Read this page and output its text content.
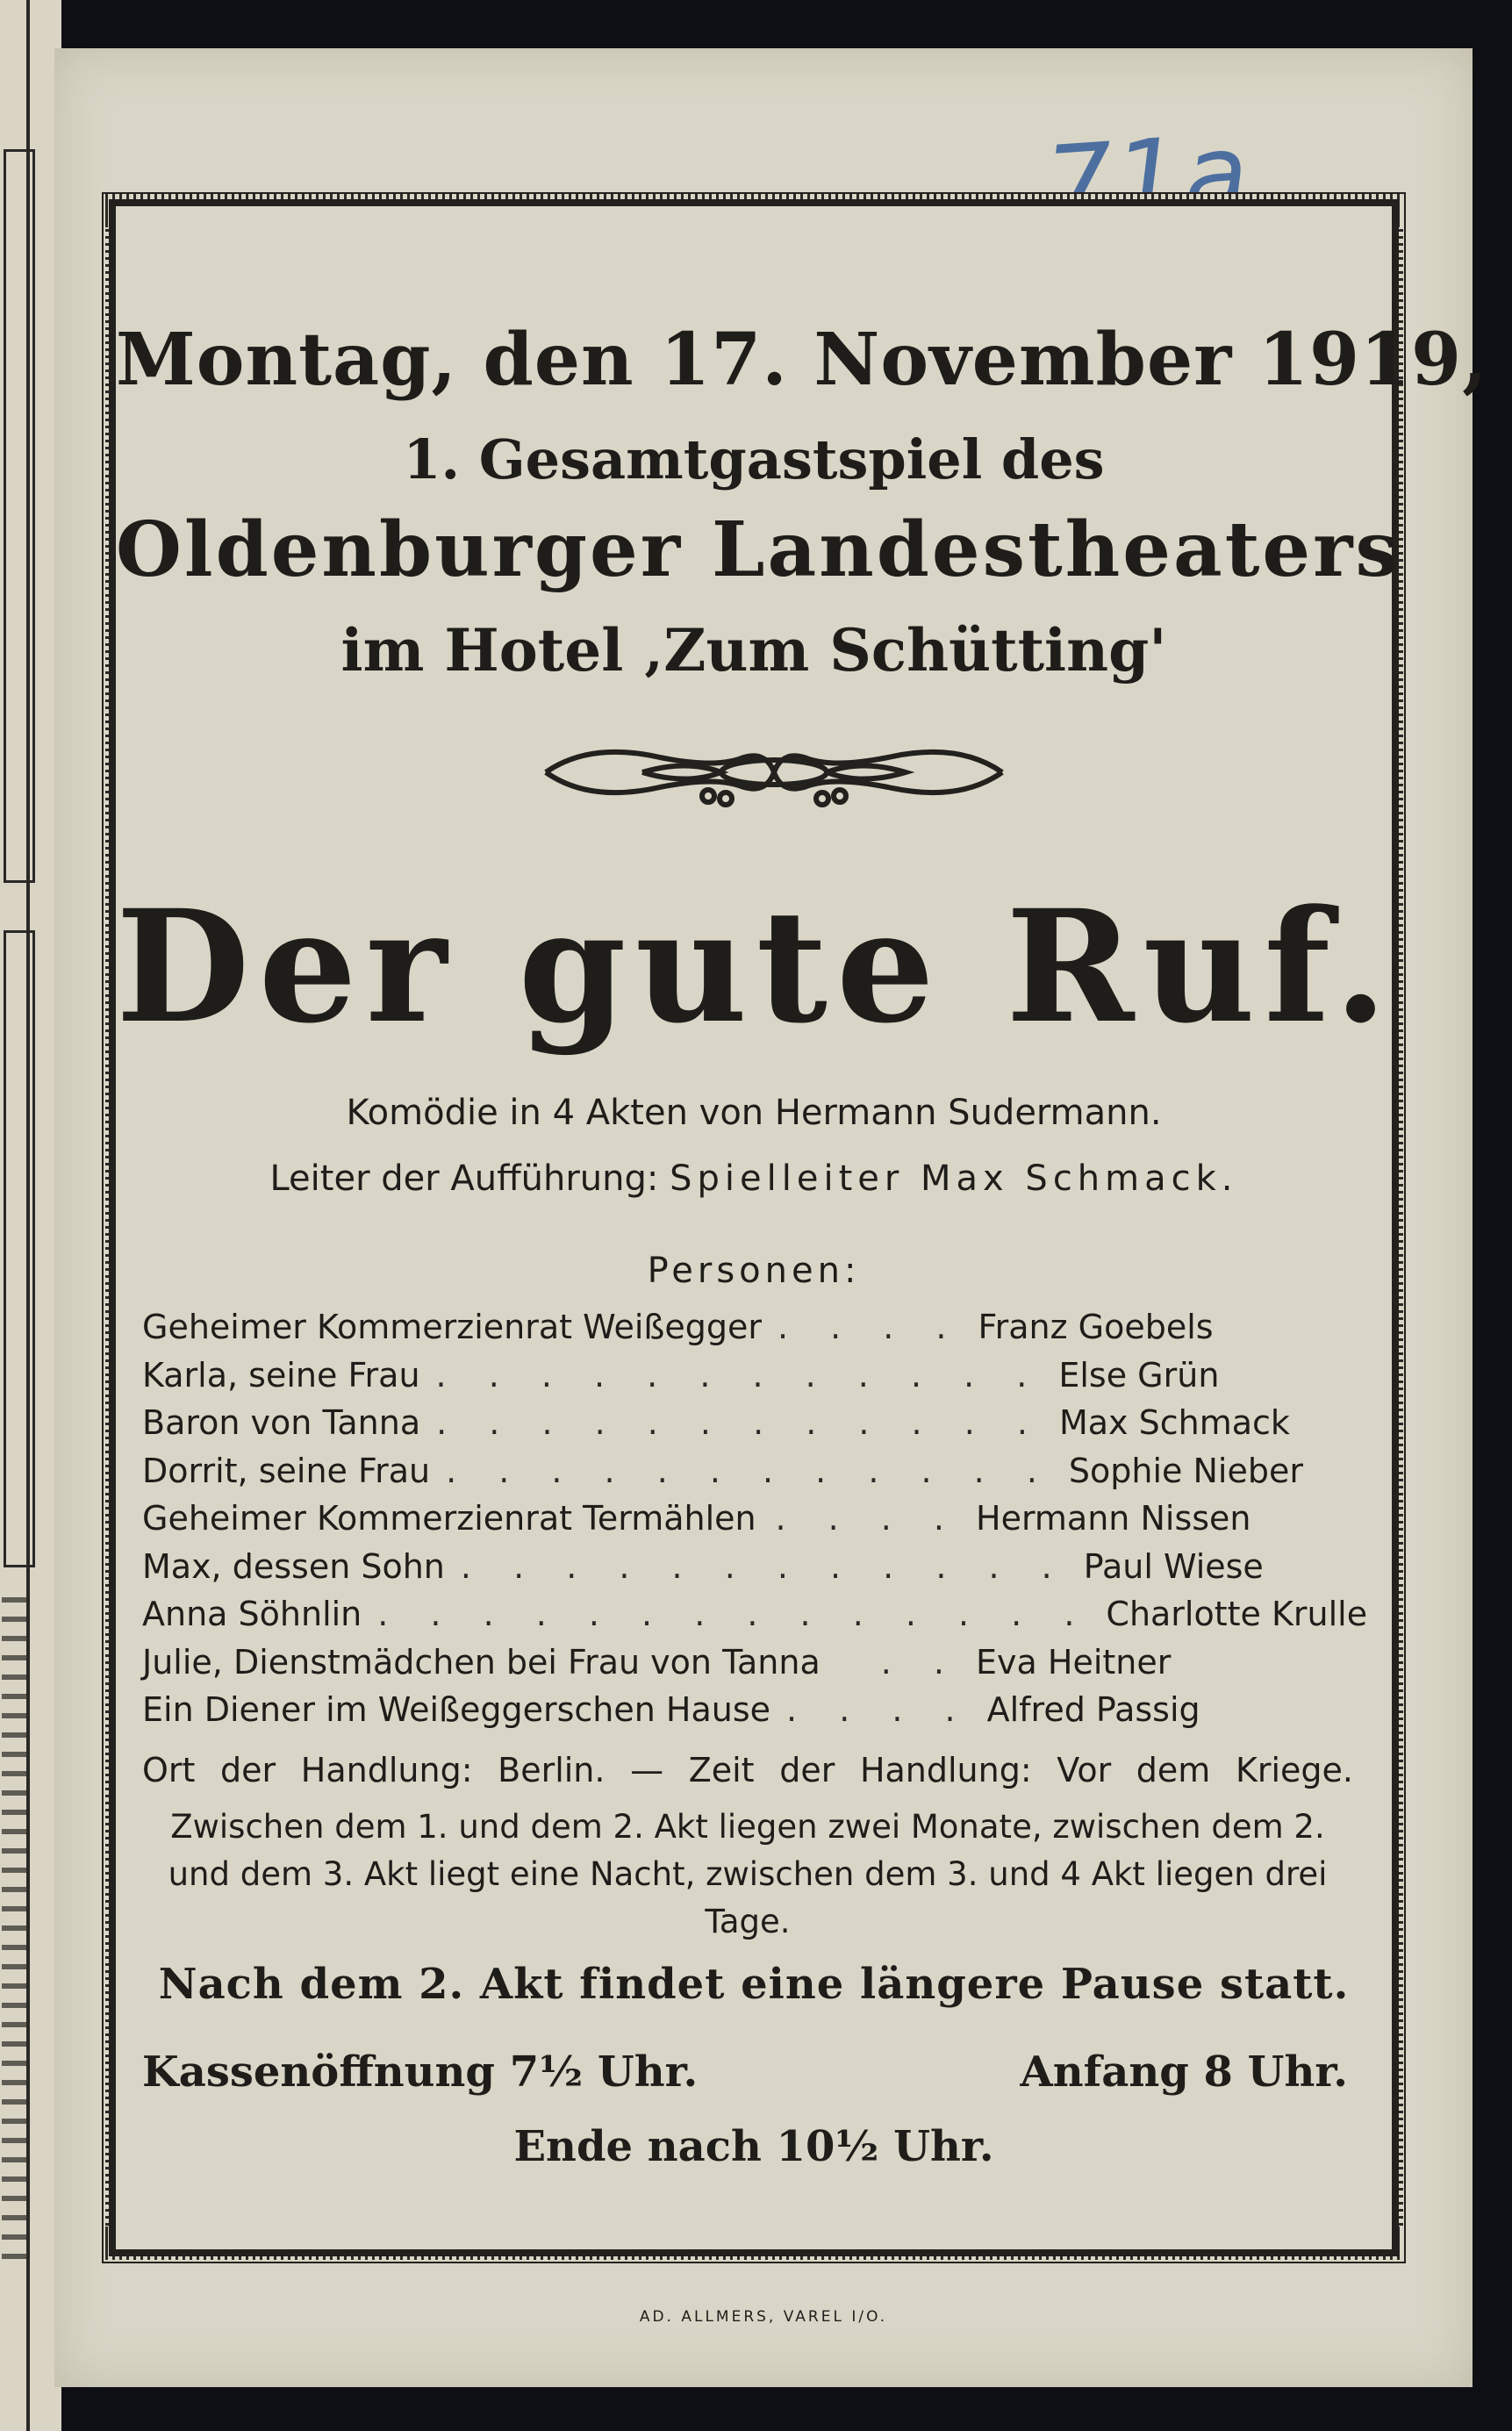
Montag, den 17. November 1919,

1. Gesamtgastspiel des

Oldenburger Landestheaters

im Hotel ‚Zum Schütting'

Der gute Ruf.

Komödie in 4 Akten von Hermann Sudermann.

Leiter der Aufführung: Spielleiter Max Schmack.

Personen:

Geheimer Kommerzienrat Weißegger . . . . Franz Goebels
Karla, seine Frau . . . . . . . . . . . . Else Grün
Baron von Tanna . . . . . . . . . . . . Max Schmack
Dorrit, seine Frau . . . . . . . . . . . . Sophie Nieber
Geheimer Kommerzienrat Termählen . . . . Hermann Nissen
Max, dessen Sohn . . . . . . . . . . . . Paul Wiese
Anna Söhnlin . . . . . . . . . . . . . . Charlotte Krulle
Julie, Dienstmädchen bei Frau von Tanna	. . Eva Heitner
Ein Diener im Weißeggerschen Hause . . . . Alfred Passig

Ort der Handlung: Berlin. — Zeit der Handlung: Vor dem Kriege.

Zwischen dem 1. und dem 2. Akt liegen zwei Monate, zwischen dem 2. und dem 3. Akt liegt eine Nacht, zwischen dem 3. und 4 Akt liegen drei Tage.

Nach dem 2. Akt findet eine längere Pause statt.

Kassenöffnung 7½ Uhr.	Anfang 8 Uhr.

Ende nach 10½ Uhr.

AD. ALLMERS, VAREL I/O.
